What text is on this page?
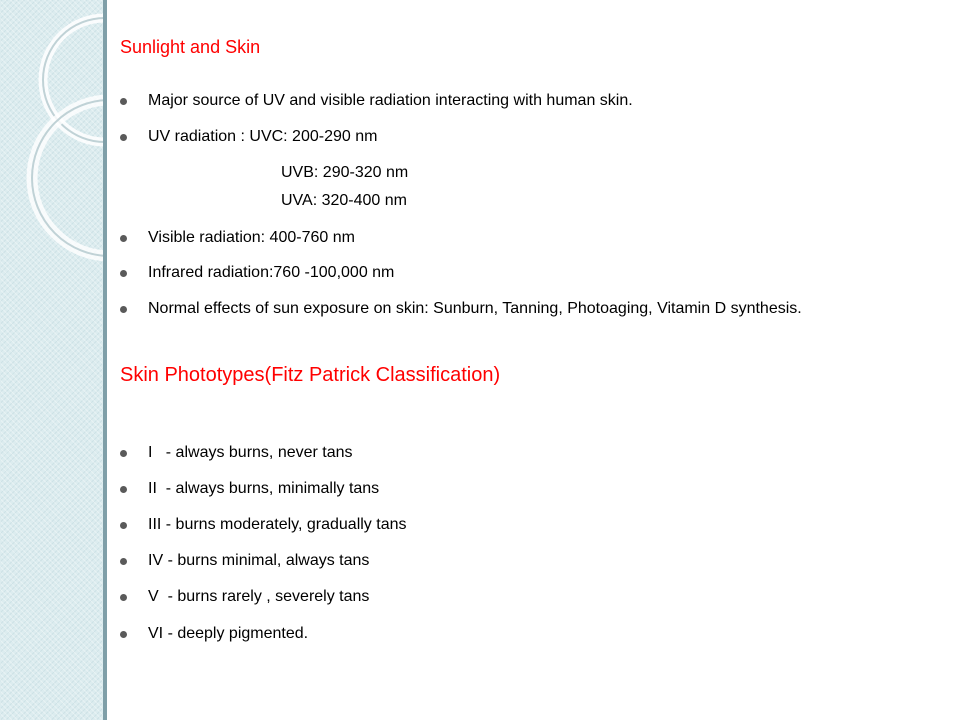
Sunlight and Skin
Major source of UV and visible radiation interacting with human skin.
UV radiation : UVC: 200-290 nm
UVB: 290-320 nm
UVA: 320-400 nm
Visible radiation: 400-760 nm
Infrared radiation:760 -100,000 nm
Normal effects of sun exposure on skin: Sunburn, Tanning, Photoaging, Vitamin D synthesis.
Skin Phototypes(Fitz Patrick Classification)
I   - always burns, never tans
II  - always burns, minimally tans
III - burns moderately, gradually tans
IV - burns minimal, always tans
V  - burns rarely , severely tans
VI - deeply pigmented.
